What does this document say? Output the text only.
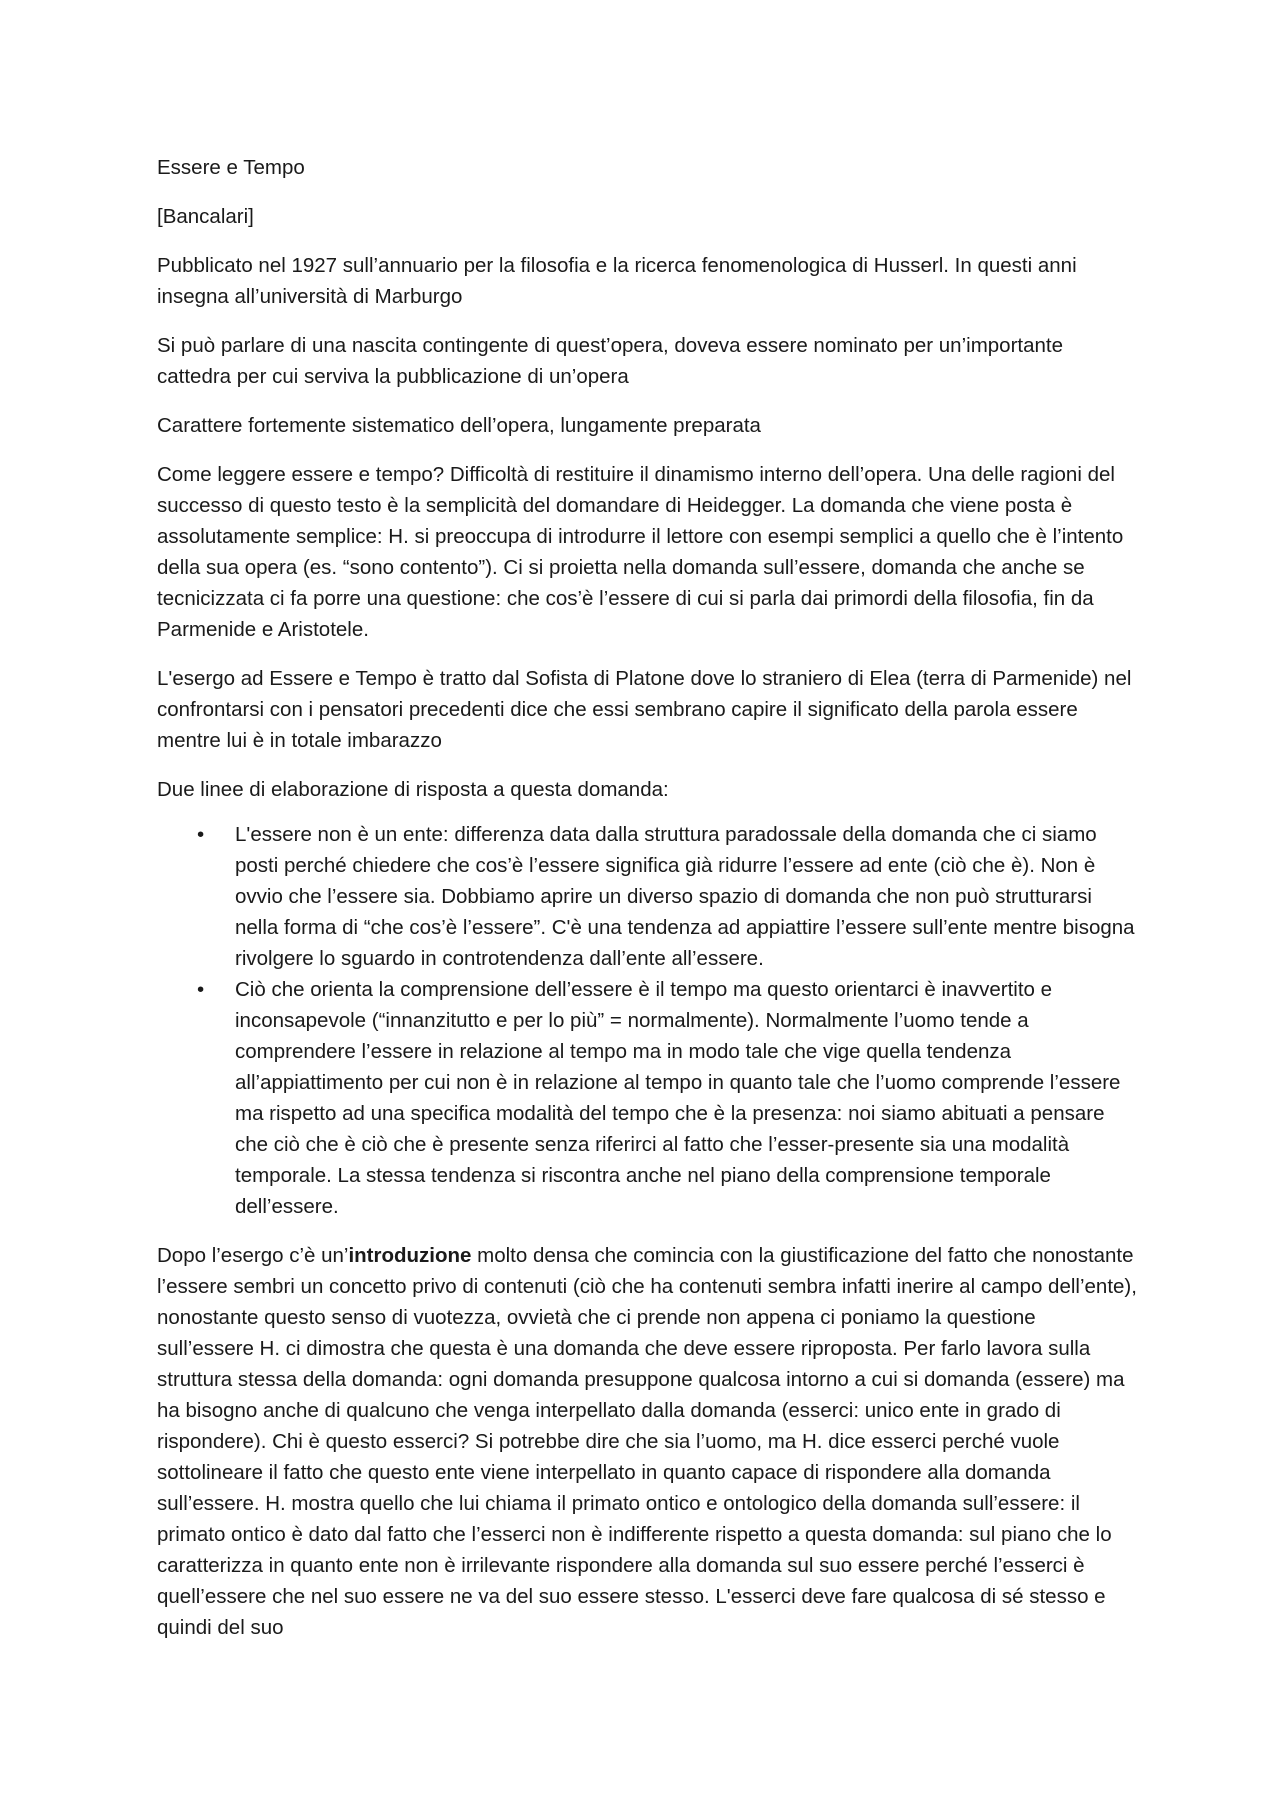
Essere e Tempo

[Bancalari]

Pubblicato nel 1927 sull’annuario per la filosofia e la ricerca fenomenologica di Husserl. In questi anni insegna all’università di Marburgo

Si può parlare di una nascita contingente di quest’opera, doveva essere nominato per un’importante cattedra per cui serviva la pubblicazione di un’opera

Carattere fortemente sistematico dell’opera, lungamente preparata

Come leggere essere e tempo? Difficoltà di restituire il dinamismo interno dell’opera. Una delle ragioni del successo di questo testo è la semplicità del domandare di Heidegger. La domanda che viene posta è assolutamente semplice: H. si preoccupa di introdurre il lettore con esempi semplici a quello che è l’intento della sua opera (es. “sono contento”). Ci si proietta nella domanda sull’essere, domanda che anche se tecnicizzata ci fa porre una questione: che cos’è l’essere di cui si parla dai primordi della filosofia, fin da Parmenide e Aristotele.

L'esergo ad Essere e Tempo è tratto dal Sofista di Platone dove lo straniero di Elea (terra di Parmenide) nel confrontarsi con i pensatori precedenti dice che essi sembrano capire il significato della parola essere mentre lui è in totale imbarazzo

Due linee di elaborazione di risposta a questa domanda:

• L'essere non è un ente: differenza data dalla struttura paradossale della domanda che ci siamo posti perché chiedere che cos’è l’essere significa già ridurre l’essere ad ente (ciò che è). Non è ovvio che l’essere sia. Dobbiamo aprire un diverso spazio di domanda che non può strutturarsi nella forma di “che cos’è l’essere”. C'è una tendenza ad appiattire l’essere sull’ente mentre bisogna rivolgere lo sguardo in controtendenza dall’ente all’essere.
• Ciò che orienta la comprensione dell’essere è il tempo ma questo orientarci è inavvertito e inconsapevole (“innanzitutto e per lo più” = normalmente). Normalmente l’uomo tende a comprendere l’essere in relazione al tempo ma in modo tale che vige quella tendenza all’appiattimento per cui non è in relazione al tempo in quanto tale che l’uomo comprende l’essere ma rispetto ad una specifica modalità del tempo che è la presenza: noi siamo abituati a pensare che ciò che è ciò che è presente senza riferirci al fatto che l’esser-presente sia una modalità temporale. La stessa tendenza si riscontra anche nel piano della comprensione temporale dell’essere.

Dopo l’esergo c’è un’introduzione molto densa che comincia con la giustificazione del fatto che nonostante l’essere sembri un concetto privo di contenuti (ciò che ha contenuti sembra infatti inerire al campo dell’ente), nonostante questo senso di vuotezza, ovvietà che ci prende non appena ci poniamo la questione sull’essere H. ci dimostra che questa è una domanda che deve essere riproposta. Per farlo lavora sulla struttura stessa della domanda: ogni domanda presuppone qualcosa intorno a cui si domanda (essere) ma ha bisogno anche di qualcuno che venga interpellato dalla domanda (esserci: unico ente in grado di rispondere). Chi è questo esserci? Si potrebbe dire che sia l’uomo, ma H. dice esserci perché vuole sottolineare il fatto che questo ente viene interpellato in quanto capace di rispondere alla domanda sull’essere. H. mostra quello che lui chiama il primato ontico e ontologico della domanda sull’essere: il primato ontico è dato dal fatto che l’esserci non è indifferente rispetto a questa domanda: sul piano che lo caratterizza in quanto ente non è irrilevante rispondere alla domanda sul suo essere perché l’esserci è quell’essere che nel suo essere ne va del suo essere stesso. L'esserci deve fare qualcosa di sé stesso e quindi del suo
